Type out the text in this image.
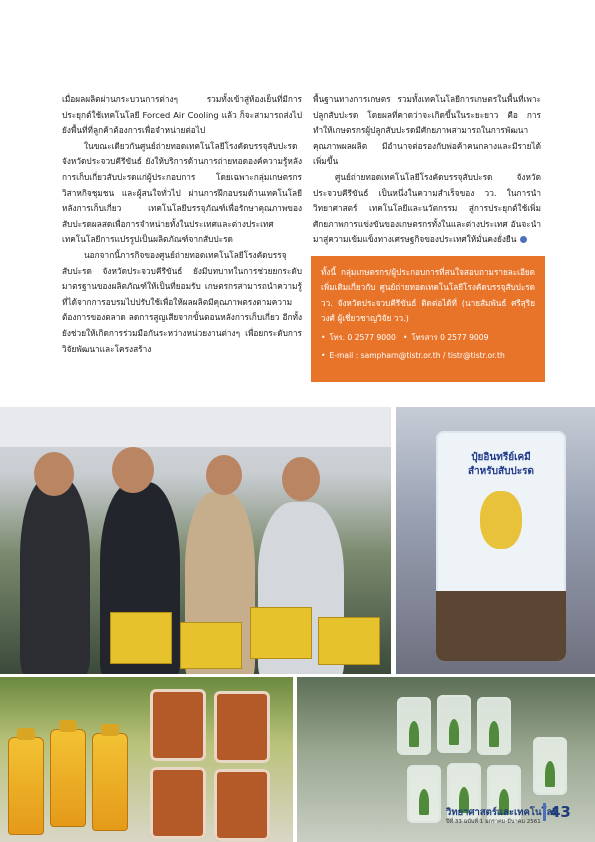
เมื่อผลผลิตผ่านกระบวนการต่างๆ รวมทั้งเข้าสู่ห้องเย็นที่มีการประยุกต์ใช้เทคโนโลยี Forced Air Cooling แล้ว ก็จะสามารถส่งไปยังพื้นที่ที่ลูกค้าต้องการเพื่อจำหน่ายต่อไป

ในขณะเดียวกันศูนย์ถ่ายทอดเทคโนโลยีโรงคัดบรรจุสับปะรดจังหวัดประจวบคีรีขันธ์ ยังให้บริการด้านการถ่ายทอดองค์ความรู้หลังการเก็บเกี่ยวสับปะรดแก่ผู้ประกอบการ โดยเฉพาะกลุ่มเกษตรกร วิสาหกิจชุมชน และผู้สนใจทั่วไป ผ่านการฝึกอบรมด้านเทคโนโลยีหลังการเก็บเกี่ยว เทคโนโลยีบรรจุภัณฑ์เพื่อรักษาคุณภาพของสับปะรดผลสดเพื่อการจำหน่ายทั้งในประเทศและต่างประเทศ เทคโนโลยีการแปรรูปเป็นผลิตภัณฑ์จากสับปะรด

นอกจากนี้ภารกิจของศูนย์ถ่ายทอดเทคโนโลยีโรงคัดบรรจุสับปะรด จังหวัดประจวบคีรีขันธ์ ยังมีบทบาทในการช่วยยกระดับมาตรฐานของผลิตภัณฑ์ให้เป็นที่ยอมรับ เกษตรกรสามารถนำความรู้ที่ได้จากการอบรมไปปรับใช้เพื่อให้ผลผลิตมีคุณภาพตรงตามความต้องการของตลาด ลดการสูญเสียจากขั้นตอนหลังการเก็บเกี่ยว อีกทั้งยังช่วยให้เกิดการร่วมมือกันระหว่างหน่วยงานต่างๆ เพื่อยกระดับการวิจัยพัฒนาและโครงสร้าง

พื้นฐานทางการเกษตร รวมทั้งเทคโนโลยีการเกษตรในพื้นที่เพาะปลูกสับปะรด โดยผลที่คาดว่าจะเกิดขึ้นในระยะยาว คือ การทำให้เกษตรกรผู้ปลูกสับปะรดมีศักยภาพสามารถในการพัฒนาคุณภาพผลผลิต มีอำนาจต่อรองกับพ่อค้าคนกลางและมีรายได้เพิ่มขึ้น

ศูนย์ถ่ายทอดเทคโนโลยีโรงคัดบรรจุสับปะรด จังหวัดประจวบคีรีขันธ์ เป็นหนึ่งในความสำเร็จของ วว. ในการนำวิทยาศาสตร์ เทคโนโลยีและนวัตกรรม สู่การประยุกต์ใช้เพิ่มศักยภาพการแข่งขันของเกษตรกรทั้งในและต่างประเทศ อันจะนำมาสู่ความเข้มแข็งทางเศรษฐกิจของประเทศให้มั่นคงยั่งยืน

ทั้งนี้ กลุ่มเกษตรกร/ผู้ประกอบการที่สนใจสอบถามรายละเอียดเพิ่มเติมเกี่ยวกับ ศูนย์ถ่ายทอดเทคโนโลยีโรงคัดบรรจุสับปะรด วว. จังหวัดประจวบคีรีขันธ์ ติดต่อได้ที่ (นายสัมพันธ์ ศรีสุริยวงศ์ ผู้เชี่ยวชาญวิจัย วว.)

• โทร. 0 2577 9000 • โทรสาร 0 2577 9009
• E-mail : sampharn@tistr.or.th / tistr@tistr.or.th
ปุ๋ยอินทรีย์เคมี
สำหรับสับปะรด
วิทยาศาสตร์และเทคโนโลยี
ปีที่ 33 ฉบับที่ 1 มกราคม-มีนาคม 2561
43
